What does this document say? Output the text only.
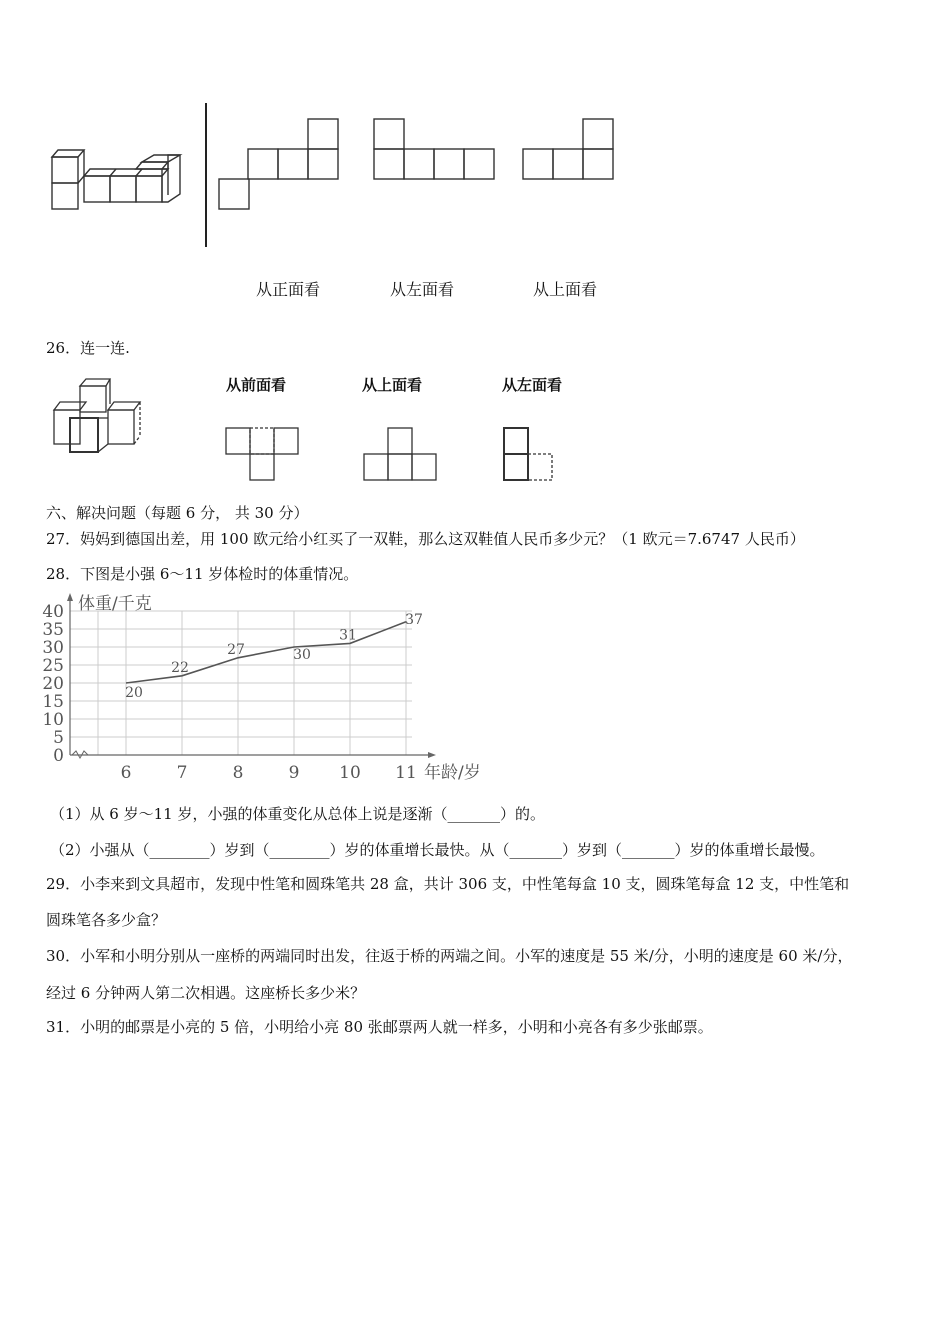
从正面看	从左面看	从上面看
26．连一连.
从前面看	从上面看	从左面看
六、解决问题（每题 6 分， 共 30 分）
27．妈妈到德国出差，用 100 欧元给小红买了一双鞋，那么这双鞋值人民币多少元？（1 欧元＝7.6747 人民币）
28．下图是小强 6～11 岁体检时的体重情况。
0
5
10
15
20
25
30
35
40
6	7	8	9 10 11
体重/千克
年龄/岁
20
22
27	30
31
37
（1）从 6 岁～11 岁，小强的体重变化从总体上说是逐渐（_______）的。
（2）小强从（________）岁到（________）岁的体重增长最快。从（_______）岁到（_______）岁的体重增长最慢。
29．小李来到文具超市，发现中性笔和圆珠笔共 28 盒，共计 306 支，中性笔每盒 10 支，圆珠笔每盒 12 支，中性笔和
圆珠笔各多少盒？
30．小军和小明分别从一座桥的两端同时出发，往返于桥的两端之间。小军的速度是 55 米/分，小明的速度是 60 米/分，
经过 6 分钟两人第二次相遇。这座桥长多少米？
31．小明的邮票是小亮的 5 倍，小明给小亮 80 张邮票两人就一样多，小明和小亮各有多少张邮票。
